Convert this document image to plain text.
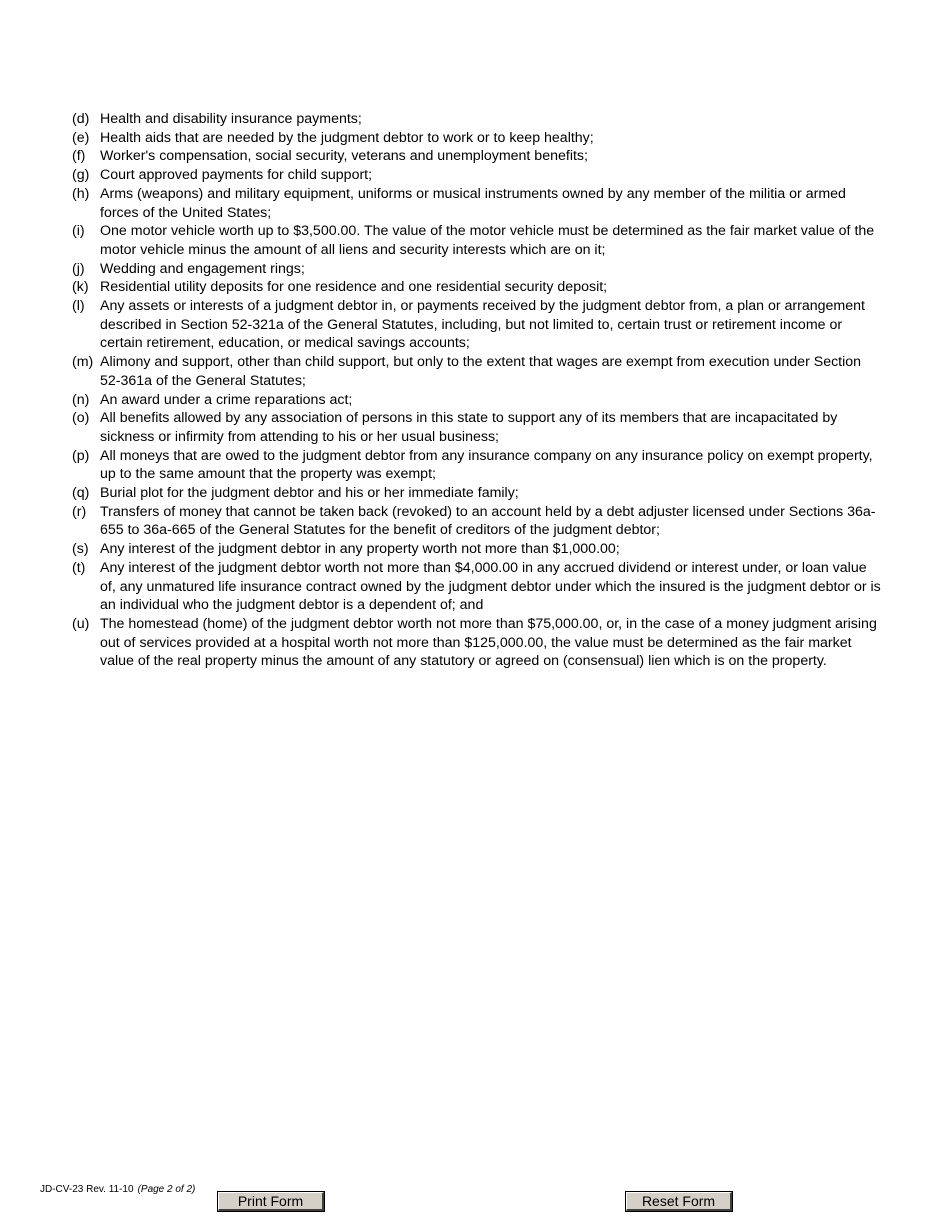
(d) Health and disability insurance payments;
(e) Health aids that are needed by the judgment debtor to work or to keep healthy;
(f) Worker's compensation, social security, veterans and unemployment benefits;
(g) Court approved payments for child support;
(h) Arms (weapons) and military equipment, uniforms or musical instruments owned by any member of the militia or armed forces of the United States;
(i) One motor vehicle worth up to $3,500.00. The value of the motor vehicle must be determined as the fair market value of the motor vehicle minus the amount of all liens and security interests which are on it;
(j) Wedding and engagement rings;
(k) Residential utility deposits for one residence and one residential security deposit;
(l) Any assets or interests of a judgment debtor in, or payments received by the judgment debtor from, a plan or arrangement described in Section 52-321a of the General Statutes, including, but not limited to, certain trust or retirement income or certain retirement, education, or medical savings accounts;
(m) Alimony and support, other than child support, but only to the extent that wages are exempt from execution under Section 52-361a of the General Statutes;
(n) An award under a crime reparations act;
(o) All benefits allowed by any association of persons in this state to support any of its members that are incapacitated by sickness or infirmity from attending to his or her usual business;
(p) All moneys that are owed to the judgment debtor from any insurance company on any insurance policy on exempt property, up to the same amount that the property was exempt;
(q) Burial plot for the judgment debtor and his or her immediate family;
(r) Transfers of money that cannot be taken back (revoked) to an account held by a debt adjuster licensed under Sections 36a-655 to 36a-665 of the General Statutes for the benefit of creditors of the judgment debtor;
(s) Any interest of the judgment debtor in any property worth not more than $1,000.00;
(t) Any interest of the judgment debtor worth not more than $4,000.00 in any accrued dividend or interest under, or loan value of, any unmatured life insurance contract owned by the judgment debtor under which the insured is the judgment debtor or is an individual who the judgment debtor is a dependent of; and
(u) The homestead (home) of the judgment debtor worth not more than $75,000.00, or, in the case of a money judgment arising out of services provided at a hospital worth not more than $125,000.00, the value must be determined as the fair market value of the real property minus the amount of any statutory or agreed on (consensual) lien which is on the property.
JD-CV-23 Rev. 11-10 (Page 2 of 2)
Print Form	Reset Form
